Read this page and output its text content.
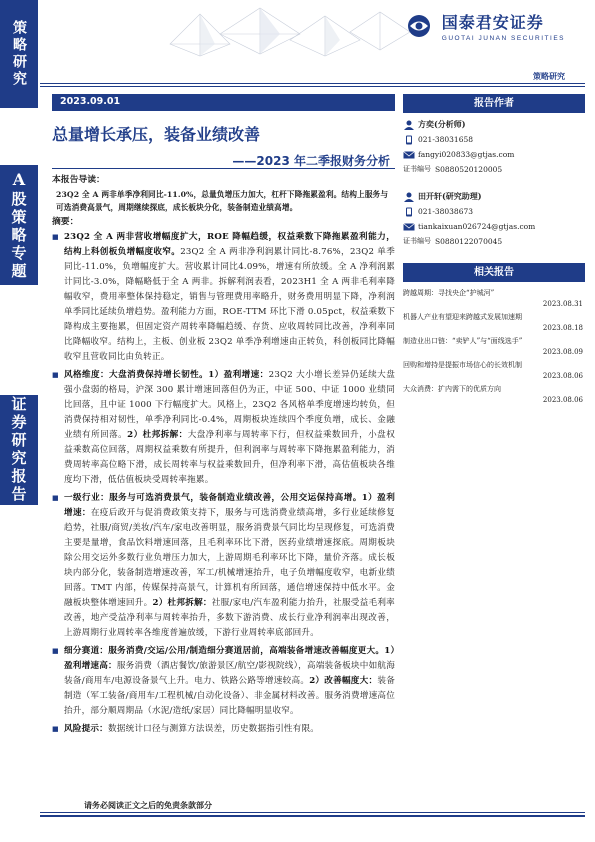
策略研究
A
股策略专题
证券研究报告
国泰君安证券
GUOTAI JUNAN SECURITIES
策略研究
2023.09.01
总量增长承压，装备业绩改善
——2023 年二季报财务分析
本报告导读：
23Q2 全 A 两非单季净利同比-11.0%，总量负增压力加大，杠杆下降拖累盈利。结构上服务与可选消费高景气，周期继续探底，成长板块分化，装备制造业绩高增。
摘要：
■ 23Q2 全 A 两非营收增幅度扩大，ROE 降幅趋缓，权益乘数下降拖累盈利能力，结构上科创板负增幅度收窄。23Q2 全 A 两非净利润累计同比-8.76%，23Q2 单季同比-11.0%，负增幅度扩大。营收累计同比4.09%，增速有所放缓。全 A 净利润累计同比-3.0%，降幅略低于全 A 两非。拆解利润表看，2023H1 全 A 两非毛利率降幅收窄，费用率整体保持稳定，销售与管理费用率略升，财务费用明显下降，净利润单季同比延续负增趋势。盈利能力方面，ROE-TTM 环比下滑 0.05pct，权益乘数下降构成主要拖累，但固定资产周转率降幅趋缓、存货、应收周转同比改善，净利率同比降幅收窄。结构上，主板、创业板 23Q2 单季净利增速由正转负，科创板同比降幅收窄且营收同比由负转正。
■ 风格维度：大盘消费保持增长韧性。1）盈利增速：23Q2 大小增长差异仍延续大盘强小盘弱的格局，沪深 300 累计增速回落但仍为正，中证 500、中证 1000 业绩同比回落，且中证 1000 下行幅度扩大。风格上，23Q2 各风格单季度增速均转负，但消费保持相对韧性，单季净利同比-0.4%，周期板块连续四个季度负增，成长、金融业绩有所回落。2）杜邦拆解：大盘净利率与周转率下行，但权益乘数回升，小盘权益乘数高位回落，周期权益乘数有所提升，但利润率与周转率下降拖累盈利能力，消费周转率高位略下滑，成长周转率与权益乘数回升，但净利率下滑，高估值板块各维度均下滑，低估值板块受周转率拖累。
■ 一级行业：服务与可选消费景气，装备制造业绩改善，公用交运保持高增。1）盈利增速：在疫后政开与促消费政策支持下，服务与可选消费业绩高增，多行业延续修复趋势，社服/商贸/美妆/汽车/家电改善明显，服务消费景气同比均呈现修复，可选消费主要是量增，食品饮料增速回落，且毛利率环比下滑，医药业绩增速探底。周期板块除公用交运外多数行业负增压力加大，上游周期毛利率环比下降，量价齐落。成长板块内部分化，装备制造增速改善，军工/机械增速抬升，电子负增幅度收窄，电新业绩回落。TMT 内部，传媒保持高景气，计算机有所回落，通信增速保持中低水平。金融板块整体增速回升。2）杜邦拆解：社服/家电/汽车盈利能力抬升，社服受益毛利率改善，地产受益净利率与周转率抬升，多数下游消费、成长行业净利润率出现改善，上游周期行业周转率各维度普遍放缓，下游行业周转率底部回升。
■ 细分赛道：服务消费/交运/公用/制造细分赛道居前，高端装备增速改善幅度更大。1）盈利增速高：服务消费（酒店餐饮/旅游景区/航空/影视院线），高端装备板块中如航海装备/商用车/电源设备景气上升。电力、铁路公路等增速较高。2）改善幅度大：装备制造（军工装备/商用车/工程机械/自动化设备）、非金属材料改善。服务消费增速高位抬升，部分顺周期品（水泥/造纸/家居）同比降幅明显收窄。
■ 风险提示：数据统计口径与测算方法误差，历史数据指引性有限。
报告作者
方奕(分析师)
021-38031658
fangyi020833@gtjas.com
证书编号 S0880520120005
田开轩(研究助理)
021-38038673
tiankaixuan026724@gtjas.com
证书编号 S0880122070045
相关报告
跨越周期：寻找央企“护城河”
2023.08.31
机器人产业有望迎来跨越式发展加速期
2023.08.18
制造业出口链：“卖铲人”与“面线选手”
2023.08.09
回购和增持是提振市场信心的长效机制
2023.08.06
大众消费：扩内需下的优质方向
2023.08.06
请务必阅读正文之后的免责条款部分
